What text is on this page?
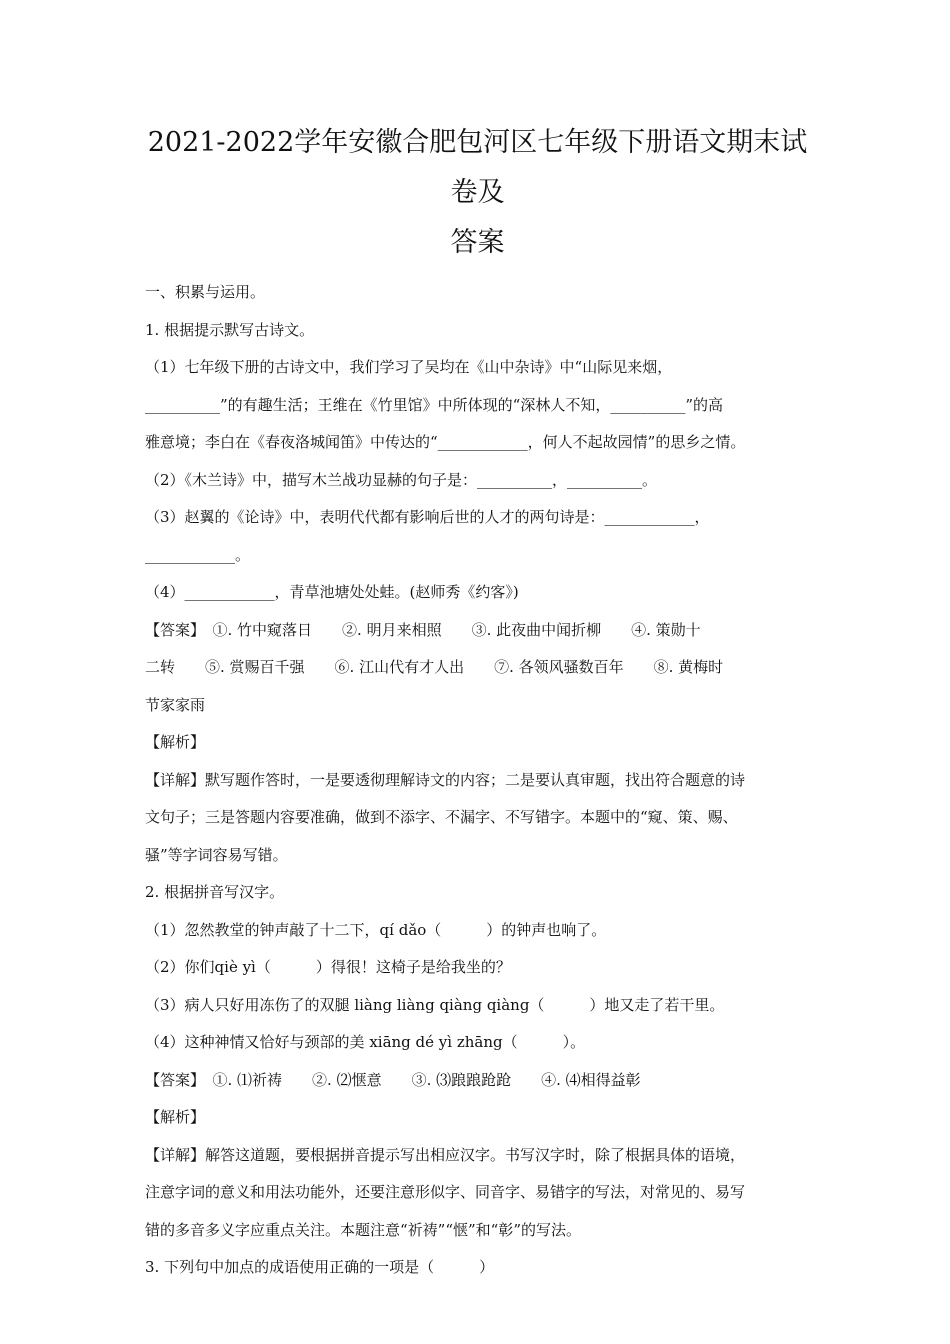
2021-2022学年安徽合肥包河区七年级下册语文期末试卷及
答案

一、积累与运用。

1. 根据提示默写古诗文。

（1）七年级下册的古诗文中，我们学习了吴均在《山中杂诗》中“山际见来烟，

__________”的有趣生活；王维在《竹里馆》中所体现的“深林人不知，__________”的高

雅意境；李白在《春夜洛城闻笛》中传达的“____________，何人不起故园情”的思乡之情。

（2）《木兰诗》中，描写木兰战功显赫的句子是：__________，__________。

（3）赵翼的《论诗》中，表明代代都有影响后世的人才的两句诗是：____________，

____________。

（4）____________，青草池塘处处蛙。(赵师秀《约客》)

【答案】　①. 竹中窥落日　　②. 明月来相照　　③. 此夜曲中闻折柳　　④. 策勋十

二转　　⑤. 赏赐百千强　　⑥. 江山代有才人出　　⑦. 各领风骚数百年　　⑧. 黄梅时

节家家雨

【解析】

【详解】默写题作答时，一是要透彻理解诗文的内容；二是要认真审题，找出符合题意的诗

文句子；三是答题内容要准确，做到不添字、不漏字、不写错字。本题中的“窥、策、赐、

骚”等字词容易写错。

2. 根据拼音写汉字。

（1）忽然教堂的钟声敲了十二下，qí dǎo（　　　）的钟声也响了。

（2）你们qiè yì（　　　）得很！这椅子是给我坐的？

（3）病人只好用冻伤了的双腿 liàng liàng qiàng qiàng（　　　）地又走了若干里。

（4）这种神情又恰好与颈部的美 xiāng dé yì zhāng（　　　）。

【答案】　①. ⑴祈祷　　②. ⑵惬意　　③. ⑶踉踉跄跄　　④. ⑷相得益彰

【解析】

【详解】解答这道题，要根据拼音提示写出相应汉字。书写汉字时，除了根据具体的语境，

注意字词的意义和用法功能外，还要注意形似字、同音字、易错字的写法，对常见的、易写

错的多音多义字应重点关注。本题注意“祈祷”“惬”和“彰”的写法。

3. 下列句中加点的成语使用正确的一项是（　　　）
